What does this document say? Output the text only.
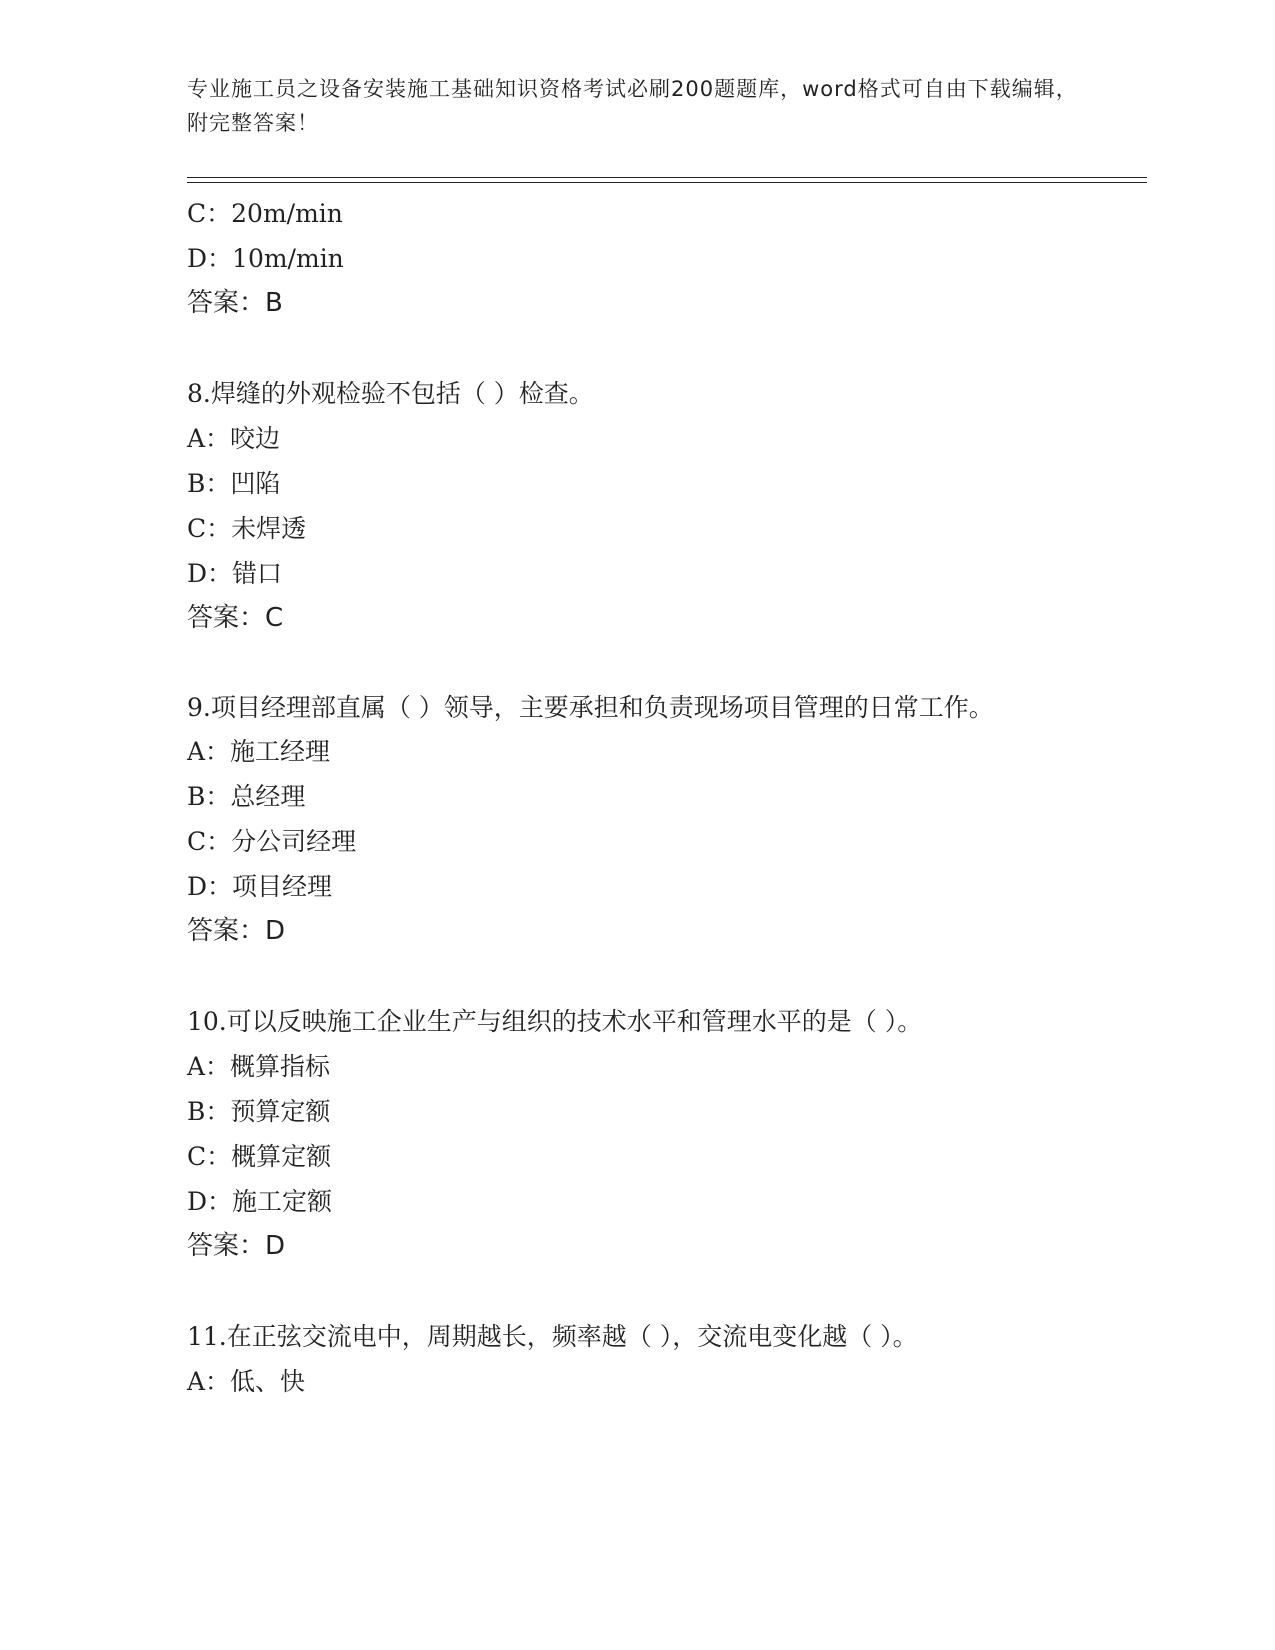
专业施工员之设备安装施工基础知识资格考试必刷200题题库，word格式可自由下载编辑，附完整答案！
C：20m/min
D：10m/min
答案：B
8.焊缝的外观检验不包括（ ）检查。
A：咬边
B：凹陷
C：未焊透
D：错口
答案：C
9.项目经理部直属（ ）领导，主要承担和负责现场项目管理的日常工作。
A：施工经理
B：总经理
C：分公司经理
D：项目经理
答案：D
10.可以反映施工企业生产与组织的技术水平和管理水平的是（ ）。
A：概算指标
B：预算定额
C：概算定额
D：施工定额
答案：D
11.在正弦交流电中，周期越长，频率越（ ），交流电变化越（ ）。
A：低、快
